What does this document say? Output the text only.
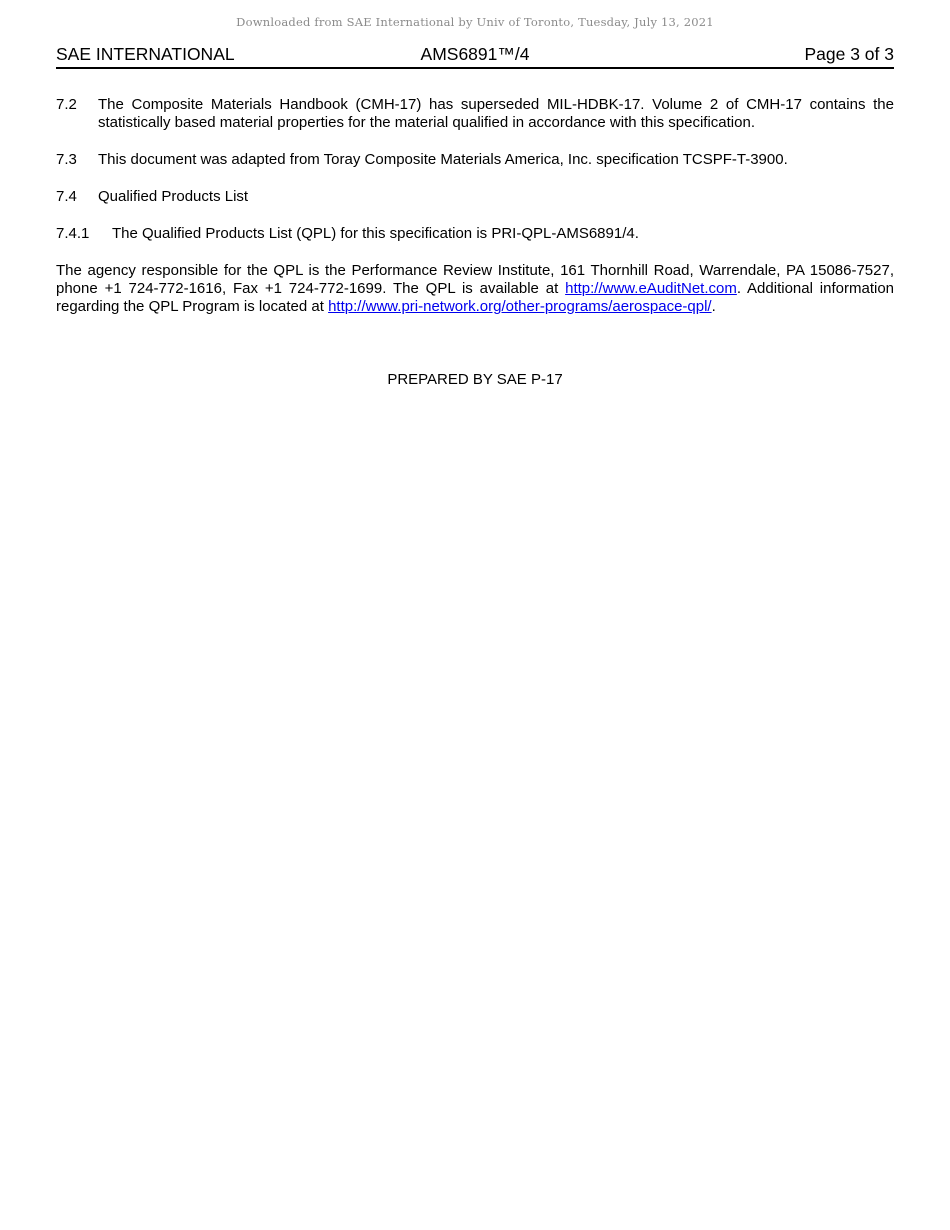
Downloaded from SAE International by Univ of Toronto, Tuesday, July 13, 2021
SAE INTERNATIONAL	AMS6891™/4	Page 3 of 3
7.2	The Composite Materials Handbook (CMH-17) has superseded MIL-HDBK-17. Volume 2 of CMH-17 contains the statistically based material properties for the material qualified in accordance with this specification.
7.3	This document was adapted from Toray Composite Materials America, Inc. specification TCSPF-T-3900.
7.4	Qualified Products List
7.4.1	The Qualified Products List (QPL) for this specification is PRI-QPL-AMS6891/4.

The agency responsible for the QPL is the Performance Review Institute, 161 Thornhill Road, Warrendale, PA 15086-7527, phone +1 724-772-1616, Fax +1 724-772-1699. The QPL is available at http://www.eAuditNet.com. Additional information regarding the QPL Program is located at http://www.pri-network.org/other-programs/aerospace-qpl/.

PREPARED BY SAE P-17
